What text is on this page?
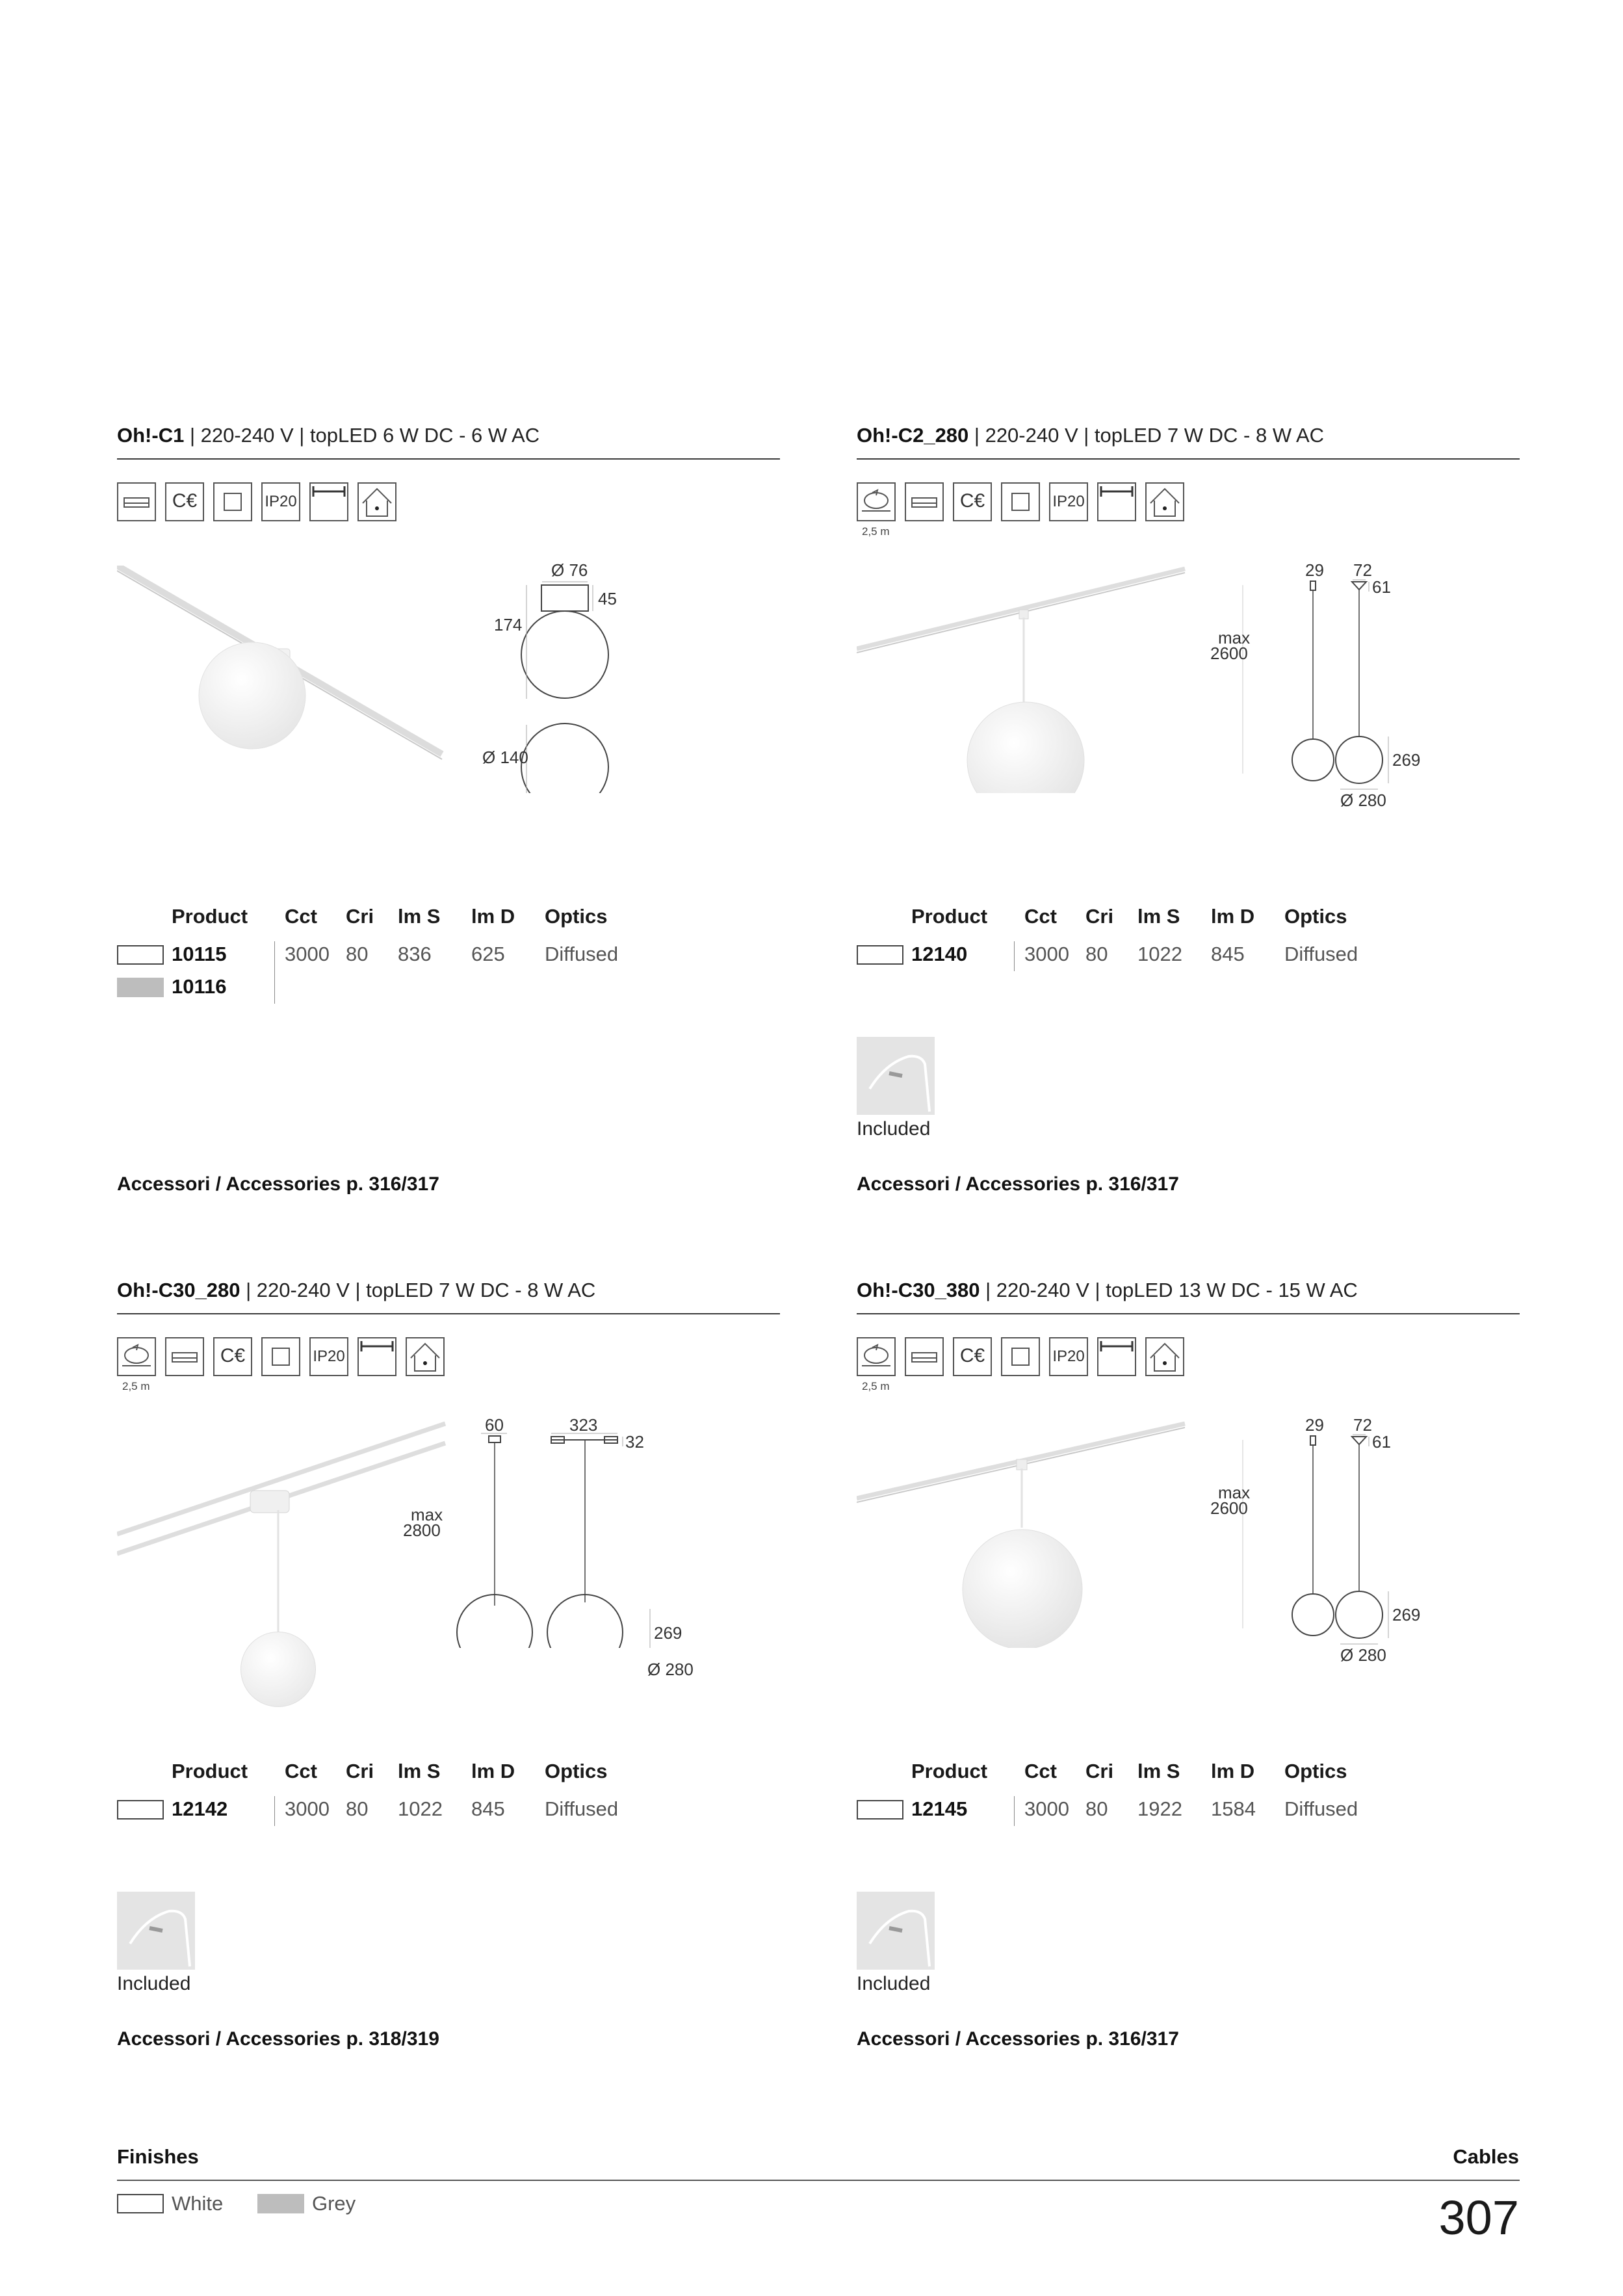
Oh!-C1 | 220-240 V | topLED 6 W DC - 6 W AC
C€	IP20
Ø 76
45
174
Ø 140
Product Cct Cri lm S lm D Optics
10115	3000 80 836 625 Diffused
10116
Accessori / Accessories p. 316/317
Oh!-C2_280 | 220-240 V | topLED 7 W DC - 8 W AC
2,5 m
C€	IP20
29 72
61
max
2600
269
Ø 280
Product Cct Cri lm S lm D Optics
12140	3000 80 1022 845 Diffused
Included
Accessori / Accessories p. 316/317
Oh!-C30_280 | 220-240 V | topLED 7 W DC - 8 W AC
2,5 m
C€	IP20
60	323
32
max
2800
269
Ø 280
Product Cct Cri lm S lm D Optics
12142	3000 80 1022 845 Diffused
Included
Accessori / Accessories p. 318/319
Oh!-C30_380 | 220-240 V | topLED 13 W DC - 15 W AC
2,5 m
C€	IP20
29 72
61
max
2600
269
Ø 280
Product Cct Cri lm S lm D Optics
12145	3000 80 1922 1584 Diffused
Included
Accessori / Accessories p. 316/317
Finishes	Cables
White	Grey	307
